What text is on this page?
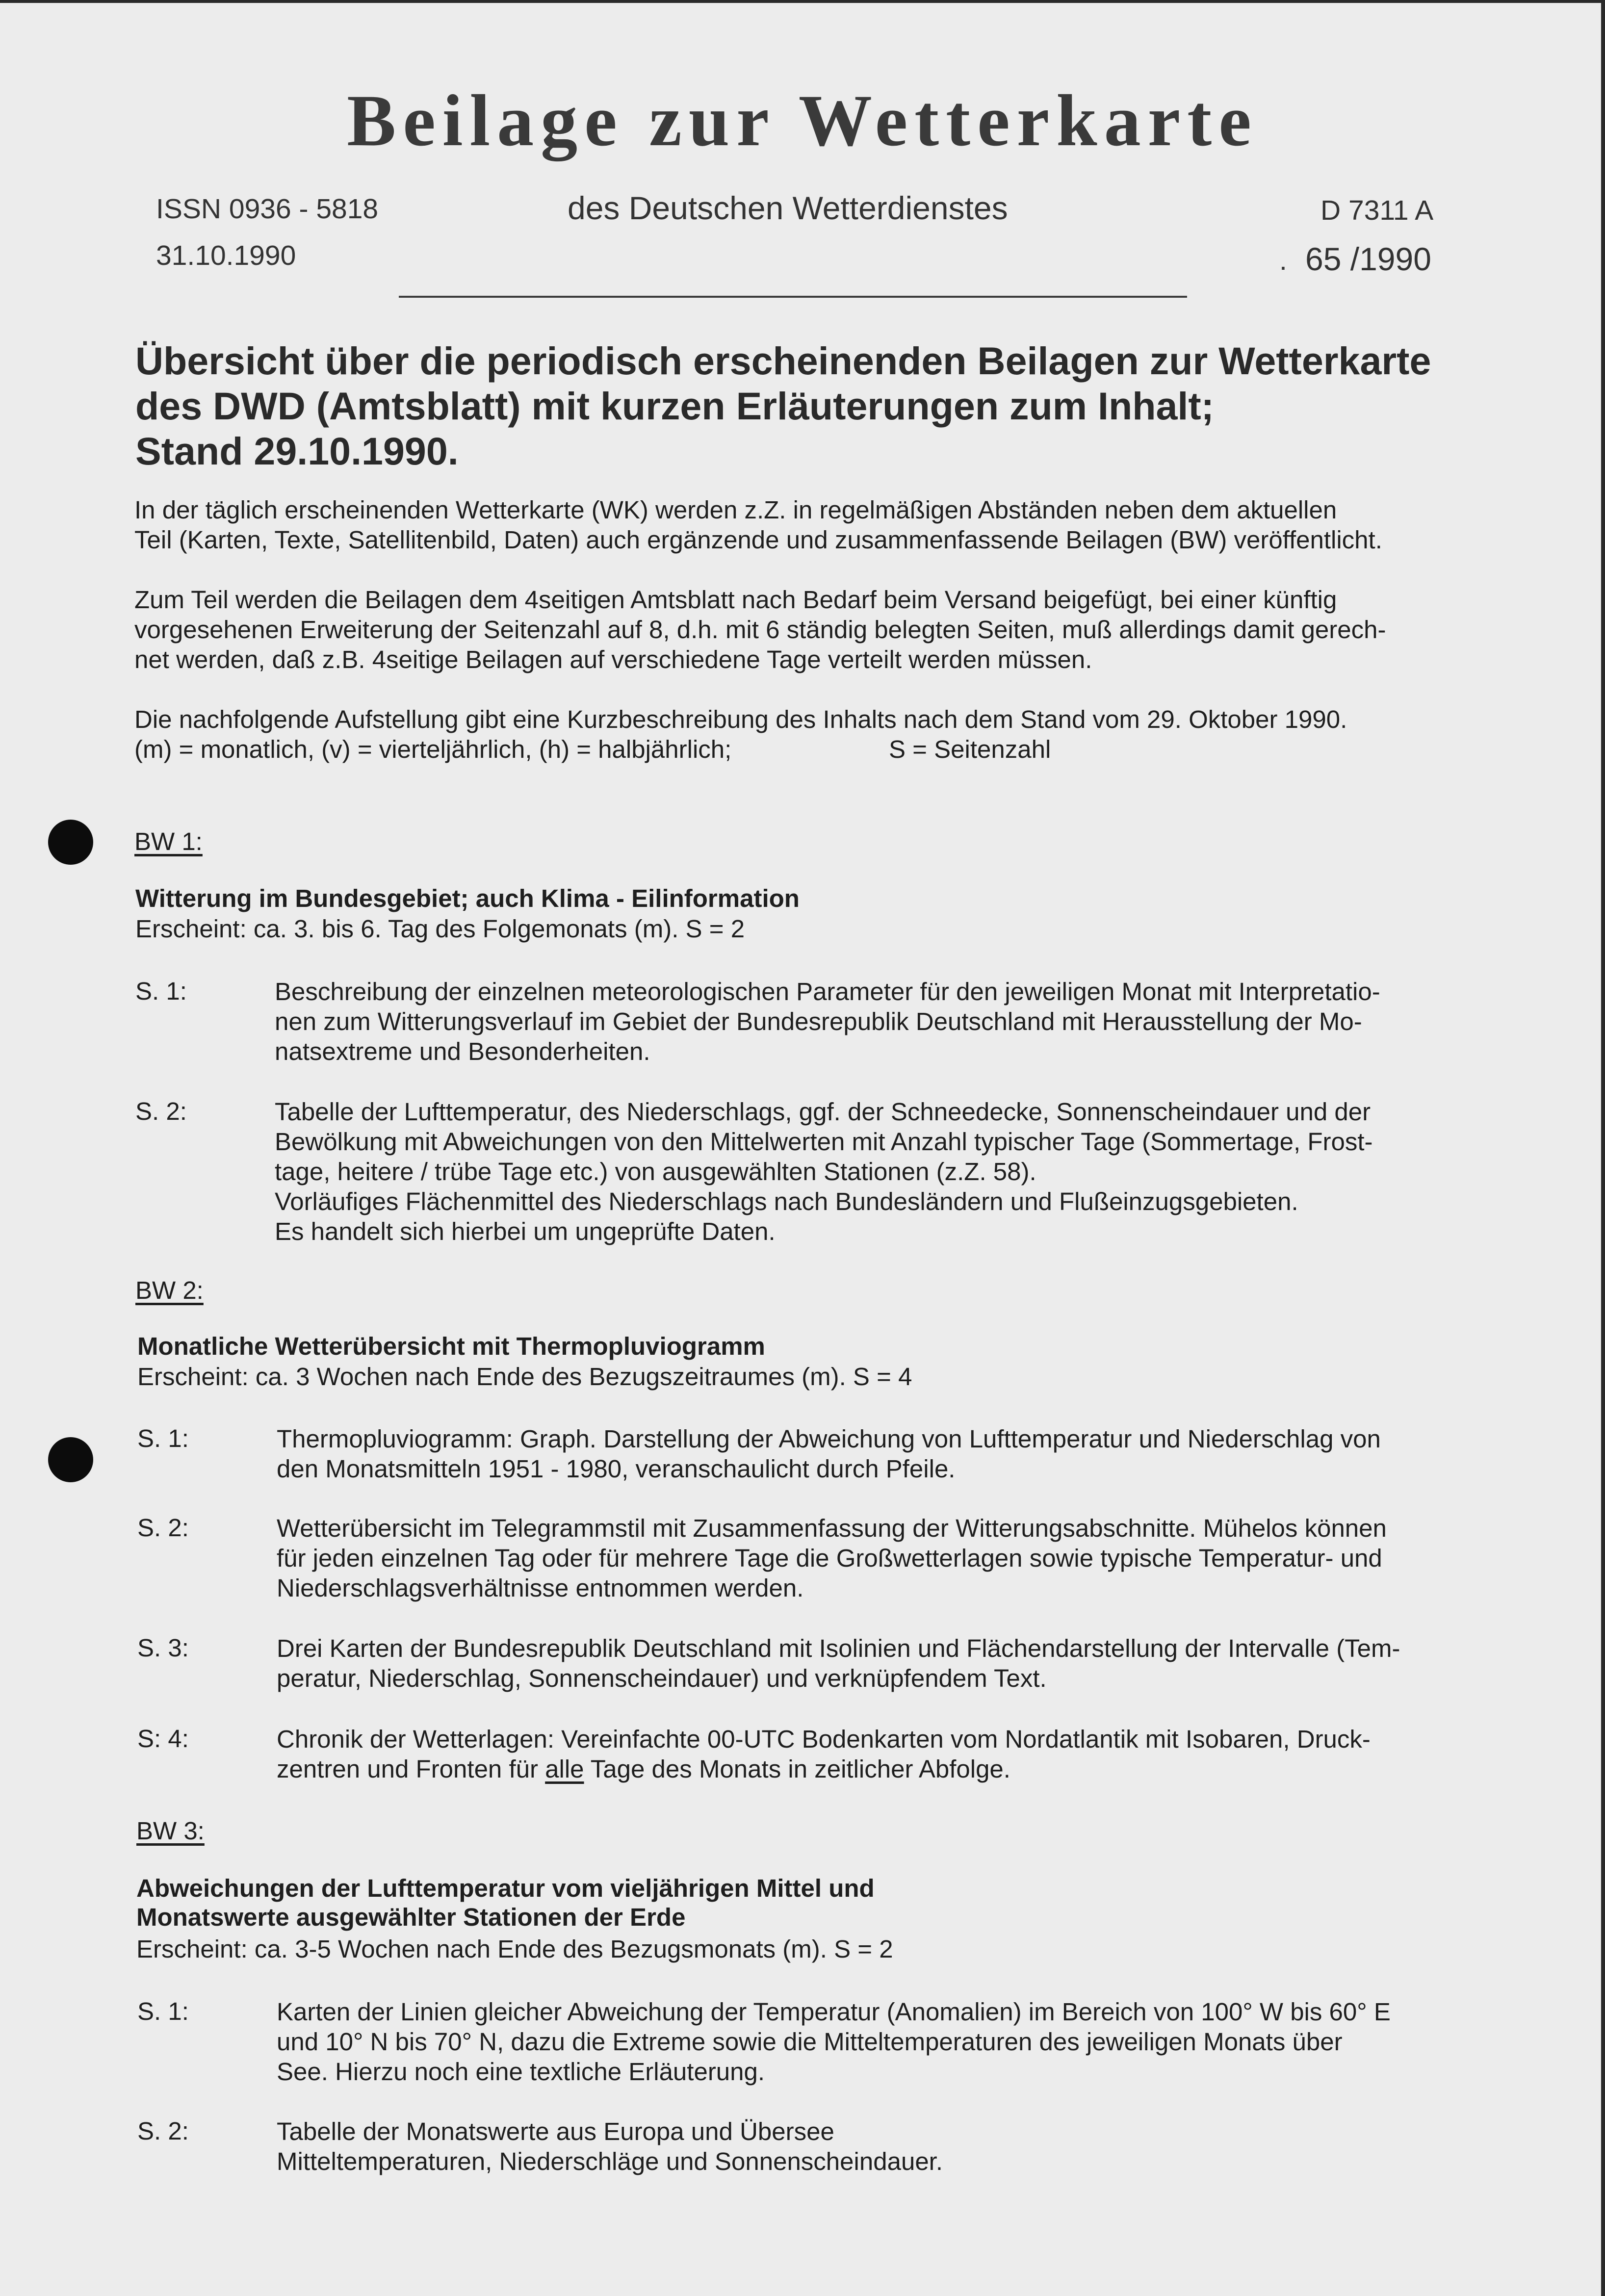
Beilage zur Wetterkarte
ISSN 0936 - 5818	des Deutschen Wetterdienstes	D 7311 A
31.10.1990	. 65 /1990
Übersicht über die periodisch erscheinenden Beilagen zur Wetterkarte
des DWD (Amtsblatt) mit kurzen Erläuterungen zum Inhalt;
Stand 29.10.1990.
In der täglich erscheinenden Wetterkarte (WK) werden z.Z. in regelmäßigen Abständen neben dem aktuellen
Teil (Karten, Texte, Satellitenbild, Daten) auch ergänzende und zusammenfassende Beilagen (BW) veröffentlicht.
Zum Teil werden die Beilagen dem 4seitigen Amtsblatt nach Bedarf beim Versand beigefügt, bei einer künftig
vorgesehenen Erweiterung der Seitenzahl auf 8, d.h. mit 6 ständig belegten Seiten, muß allerdings damit gerech-
net werden, daß z.B. 4seitige Beilagen auf verschiedene Tage verteilt werden müssen.
Die nachfolgende Aufstellung gibt eine Kurzbeschreibung des Inhalts nach dem Stand vom 29. Oktober 1990.
(m) = monatlich, (v) = vierteljährlich, (h) = halbjährlich;	S = Seitenzahl
BW 1:
Witterung im Bundesgebiet; auch Klima - Eilinformation
Erscheint: ca. 3. bis 6. Tag des Folgemonats (m). S = 2
S. 1:	Beschreibung der einzelnen meteorologischen Parameter für den jeweiligen Monat mit Interpretatio-
nen zum Witterungsverlauf im Gebiet der Bundesrepublik Deutschland mit Herausstellung der Mo-
natsextreme und Besonderheiten.
S. 2:	Tabelle der Lufttemperatur, des Niederschlags, ggf. der Schneedecke, Sonnenscheindauer und der
Bewölkung mit Abweichungen von den Mittelwerten mit Anzahl typischer Tage (Sommertage, Frost-
tage, heitere / trübe Tage etc.) von ausgewählten Stationen (z.Z. 58).
Vorläufiges Flächenmittel des Niederschlags nach Bundesländern und Flußeinzugsgebieten.
Es handelt sich hierbei um ungeprüfte Daten.
BW 2:
Monatliche Wetterübersicht mit Thermopluviogramm
Erscheint: ca. 3 Wochen nach Ende des Bezugszeitraumes (m). S = 4
S. 1:	Thermopluviogramm: Graph. Darstellung der Abweichung von Lufttemperatur und Niederschlag von
den Monatsmitteln 1951 - 1980, veranschaulicht durch Pfeile.
S. 2:	Wetterübersicht im Telegrammstil mit Zusammenfassung der Witterungsabschnitte. Mühelos können
für jeden einzelnen Tag oder für mehrere Tage die Großwetterlagen sowie typische Temperatur- und
Niederschlagsverhältnisse entnommen werden.
S. 3:	Drei Karten der Bundesrepublik Deutschland mit Isolinien und Flächendarstellung der Intervalle (Tem-
peratur, Niederschlag, Sonnenscheindauer) und verknüpfendem Text.
S: 4:	Chronik der Wetterlagen: Vereinfachte 00-UTC Bodenkarten vom Nordatlantik mit Isobaren, Druck-
zentren und Fronten für alle Tage des Monats in zeitlicher Abfolge.
BW 3:
Abweichungen der Lufttemperatur vom vieljährigen Mittel und
Monatswerte ausgewählter Stationen der Erde
Erscheint: ca. 3-5 Wochen nach Ende des Bezugsmonats (m). S = 2
S. 1:	Karten der Linien gleicher Abweichung der Temperatur (Anomalien) im Bereich von 100° W bis 60° E
und 10° N bis 70° N, dazu die Extreme sowie die Mitteltemperaturen des jeweiligen Monats über
See. Hierzu noch eine textliche Erläuterung.
S. 2:	Tabelle der Monatswerte aus Europa und Übersee
Mitteltemperaturen, Niederschläge und Sonnenscheindauer.
